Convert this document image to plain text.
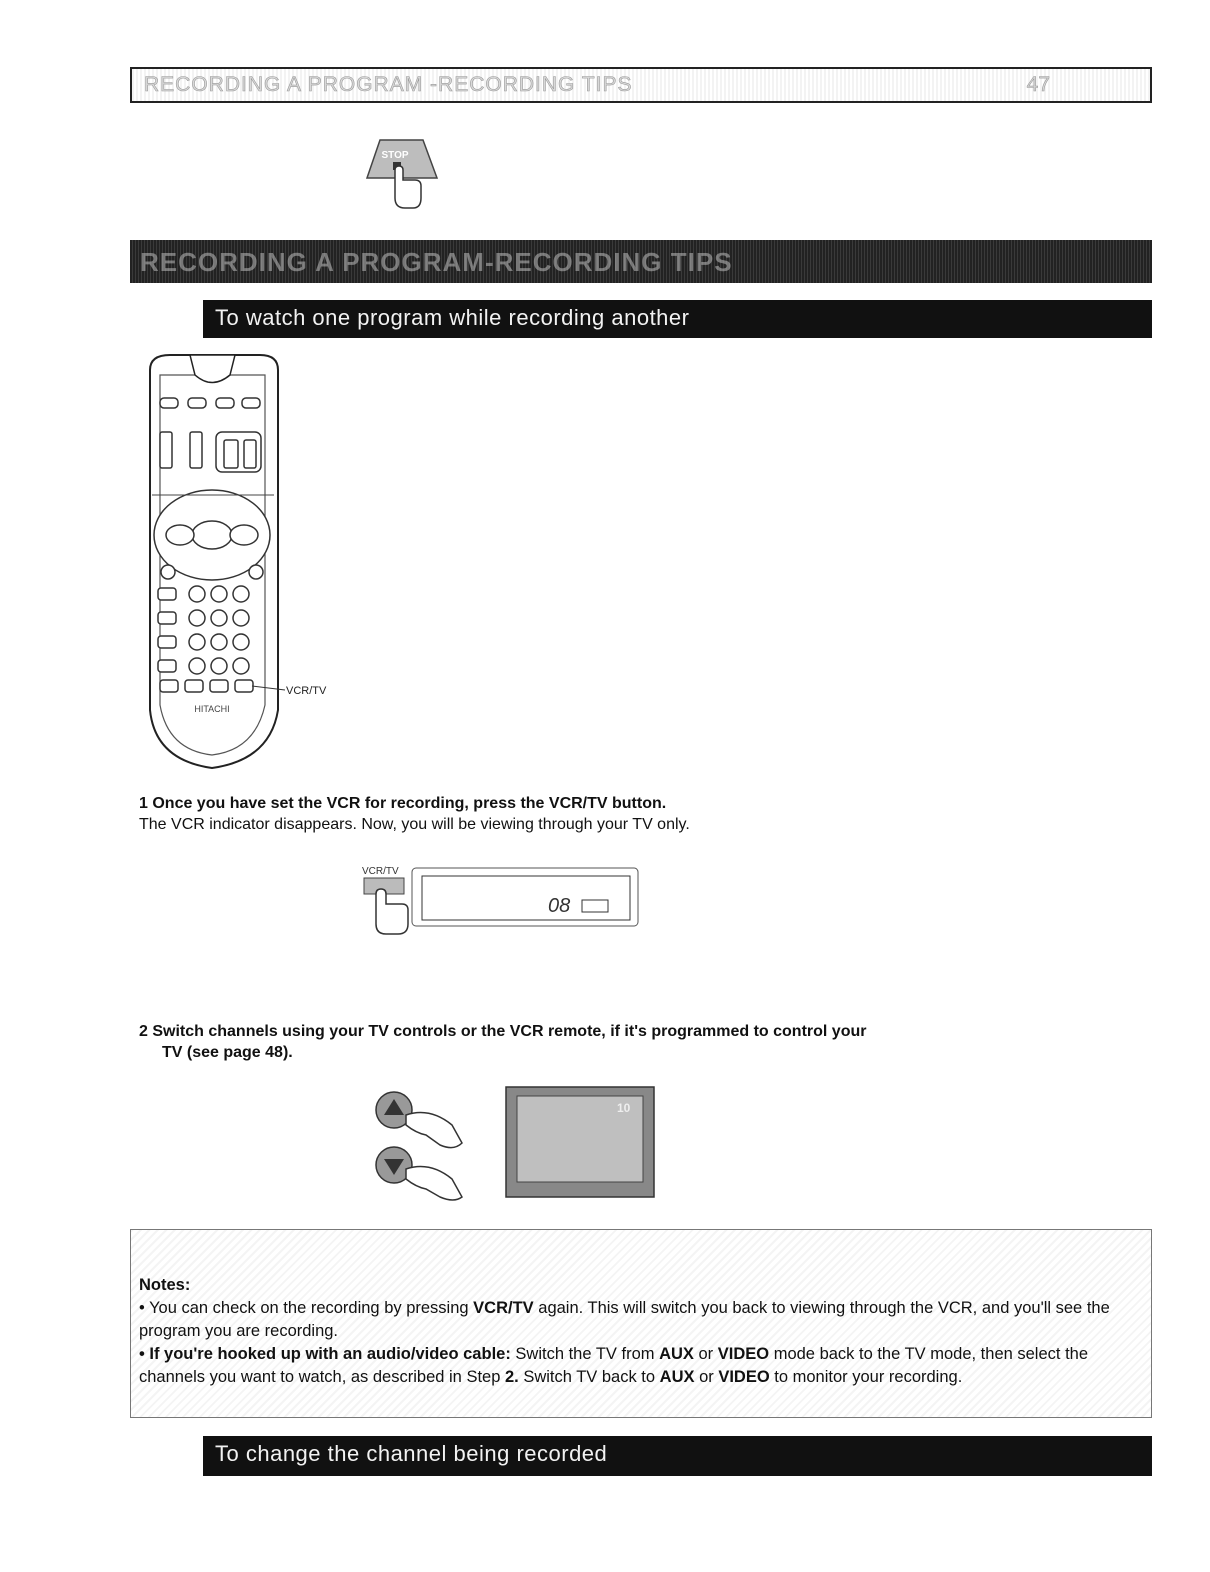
RECORDING A PROGRAM -RECORDING TIPS	47
STOP
RECORDING A PROGRAM-RECORDING TIPS
To watch one program while recording another
HITACHI
VCR/TV
1 Once you have set the VCR for recording, press the VCR/TV button.
The VCR indicator disappears. Now, you will be viewing through your TV only.
VCR/TV
08
2 Switch channels using your TV controls or the VCR remote, if it's programmed to control your
TV (see page 48).
10
Notes:
• You can check on the recording by pressing VCR/TV again. This will switch you back to viewing through the VCR, and you'll see the program you are recording.
• If you're hooked up with an audio/video cable: Switch the TV from AUX or VIDEO mode back to the TV mode, then select the channels you want to watch, as described in Step 2. Switch TV back to AUX or VIDEO to monitor your recording.
To change the channel being recorded
